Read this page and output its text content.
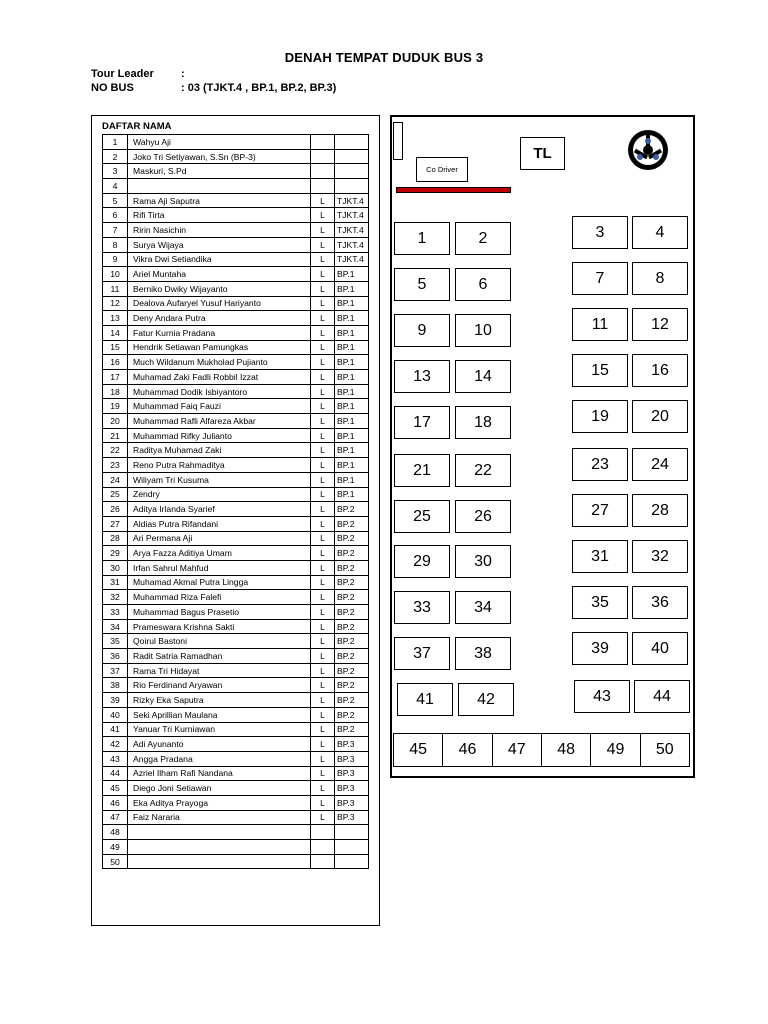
DENAH TEMPAT DUDUK BUS 3
Tour Leader :
NO BUS	: 03 (TJKT.4 , BP.1, BP.2, BP.3)
DAFTAR NAMA
1	Wahyu Aji		
2	Joko Tri Setiyawan, S.Sn (BP-3)		
3	Maskuri, S.Pd		
4			
5	Rama Aji Saputra	L	TJKT.4
6	Rifi Tirta	L	TJKT.4
7	Ririn Nasichin	L	TJKT.4
8	Surya Wijaya	L	TJKT.4
9	Vikra Dwi Setiandika	L	TJKT.4
10	Ariel Muntaha	L	BP.1
11	Berniko Dwiky Wijayanto	L	BP.1
12	Dealova Aufaryel Yusuf Hariyanto	L	BP.1
13	Deny Andara Putra	L	BP.1
14	Fatur Kurnia Pradana	L	BP.1
15	Hendrik Setiawan Pamungkas	L	BP.1
16	Much Wildanum Mukholad Pujianto	L	BP.1
17	Muhamad Zaki Fadli Robbil Izzat	L	BP.1
18	Muhammad Dodik Isbiyantoro	L	BP.1
19	Muhammad Faiq Fauzi	L	BP.1
20	Muhammad Rafli Alfareza Akbar	L	BP.1
21	Muhammad Rifky Julianto	L	BP.1
22	Raditya Muhamad Zaki	L	BP.1
23	Reno Putra Rahmaditya	L	BP.1
24	Wiliyam Tri Kusuma	L	BP.1
25	Zendry	L	BP.1
26	Aditya Irlanda Syarief	L	BP.2
27	Aldias Putra Rifandani	L	BP.2
28	Ari Permana Aji	L	BP.2
29	Arya Fazza Aditiya Umam	L	BP.2
30	Irfan Sahrul Mahfud	L	BP.2
31	Muhamad Akmal Putra Lingga	L	BP.2
32	Muhammad Riza Falefi	L	BP.2
33	Muhammad Bagus Prasetio	L	BP.2
34	Prameswara Krishna Sakti	L	BP.2
35	Qoirul Bastoni	L	BP.2
36	Radit Satria Ramadhan	L	BP.2
37	Rama Tri Hidayat	L	BP.2
38	Rio Ferdinand Aryawan	L	BP.2
39	Rizky Eka Saputra	L	BP.2
40	Seki Aprillian Maulana	L	BP.2
41	Yanuar Tri Kurniawan	L	BP.2
42	Adi Ayunanto	L	BP.3
43	Angga Pradana	L	BP.3
44	Azriel Ilham Rafi Nandana	L	BP.3
45	Diego Joni Setiawan	L	BP.3
46	Eka Aditya Prayoga	L	BP.3
47	Faiz Nararia	L	BP.3
48			
49			
50			
Co Driver
TL
1	2	3	4
5	6	7	8
9	10	11	12
13	14	15	16
17	18	19	20
21	22	23	24
25	26	27	28
29	30	31	32
33	34	35	36
37	38	39	40
41	42	43	44
45	46	47	48	49	50
